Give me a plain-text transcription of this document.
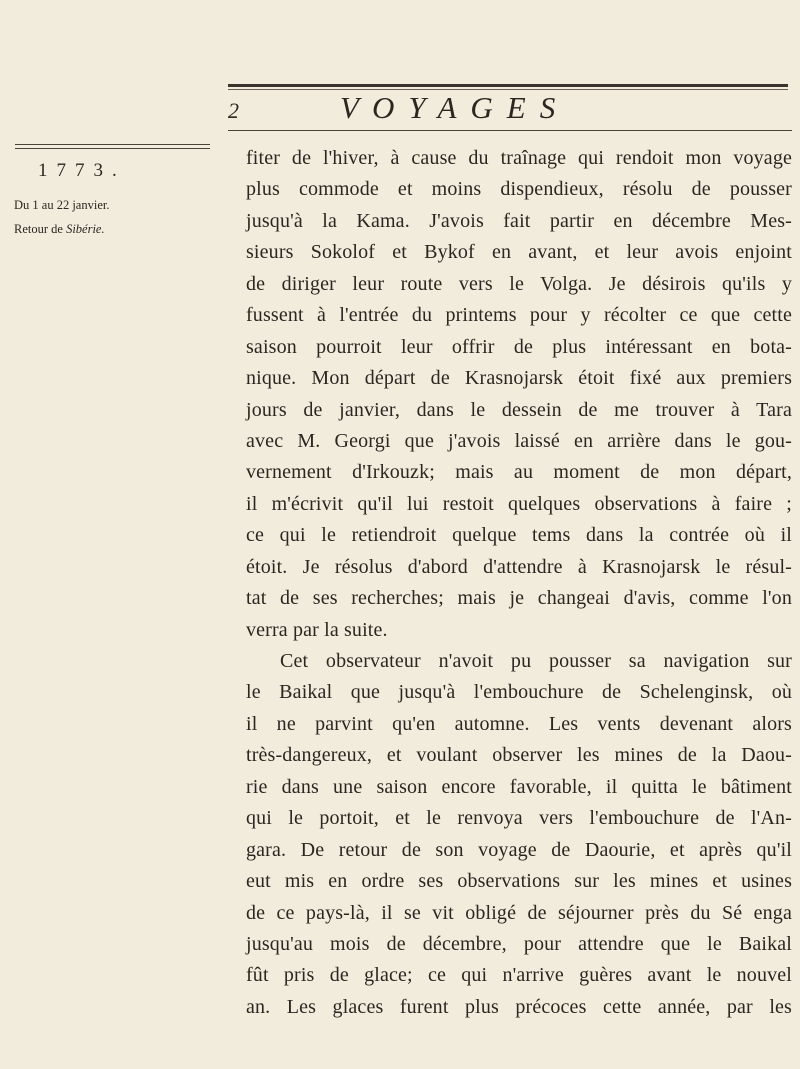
2	VOYAGES
1773.
Du 1 au 22 janvier.
Retour de Sibérie.
fiter de l'hiver, à cause du traînage qui rendoit mon voyage
plus commode et moins dispendieux, résolu de pousser
jusqu'à la Kama. J'avois fait partir en décembre Mes-
sieurs Sokolof et Bykof en avant, et leur avois enjoint
de diriger leur route vers le Volga. Je désirois qu'ils y
fussent à l'entrée du printems pour y récolter ce que cette
saison pourroit leur offrir de plus intéressant en bota-
nique. Mon départ de Krasnojarsk étoit fixé aux premiers
jours de janvier, dans le dessein de me trouver à Tara
avec M. Georgi que j'avois laissé en arrière dans le gou-
vernement d'Irkouzk; mais au moment de mon départ,
il m'écrivit qu'il lui restoit quelques observations à faire ;
ce qui le retiendroit quelque tems dans la contrée où il
étoit. Je résolus d'abord d'attendre à Krasnojarsk le résul-
tat de ses recherches; mais je changeai d'avis, comme l'on
verra par la suite.
Cet observateur n'avoit pu pousser sa navigation sur
le Baikal que jusqu'à l'embouchure de Schelenginsk, où
il ne parvint qu'en automne. Les vents devenant alors
très-dangereux, et voulant observer les mines de la Daou-
rie dans une saison encore favorable, il quitta le bâtiment
qui le portoit, et le renvoya vers l'embouchure de l'An-
gara. De retour de son voyage de Daourie, et après qu'il
eut mis en ordre ses observations sur les mines et usines
de ce pays-là, il se vit obligé de séjourner près du Sé enga
jusqu'au mois de décembre, pour attendre que le Baikal
fût pris de glace; ce qui n'arrive guères avant le nouvel
an. Les glaces furent plus précoces cette année, par les
